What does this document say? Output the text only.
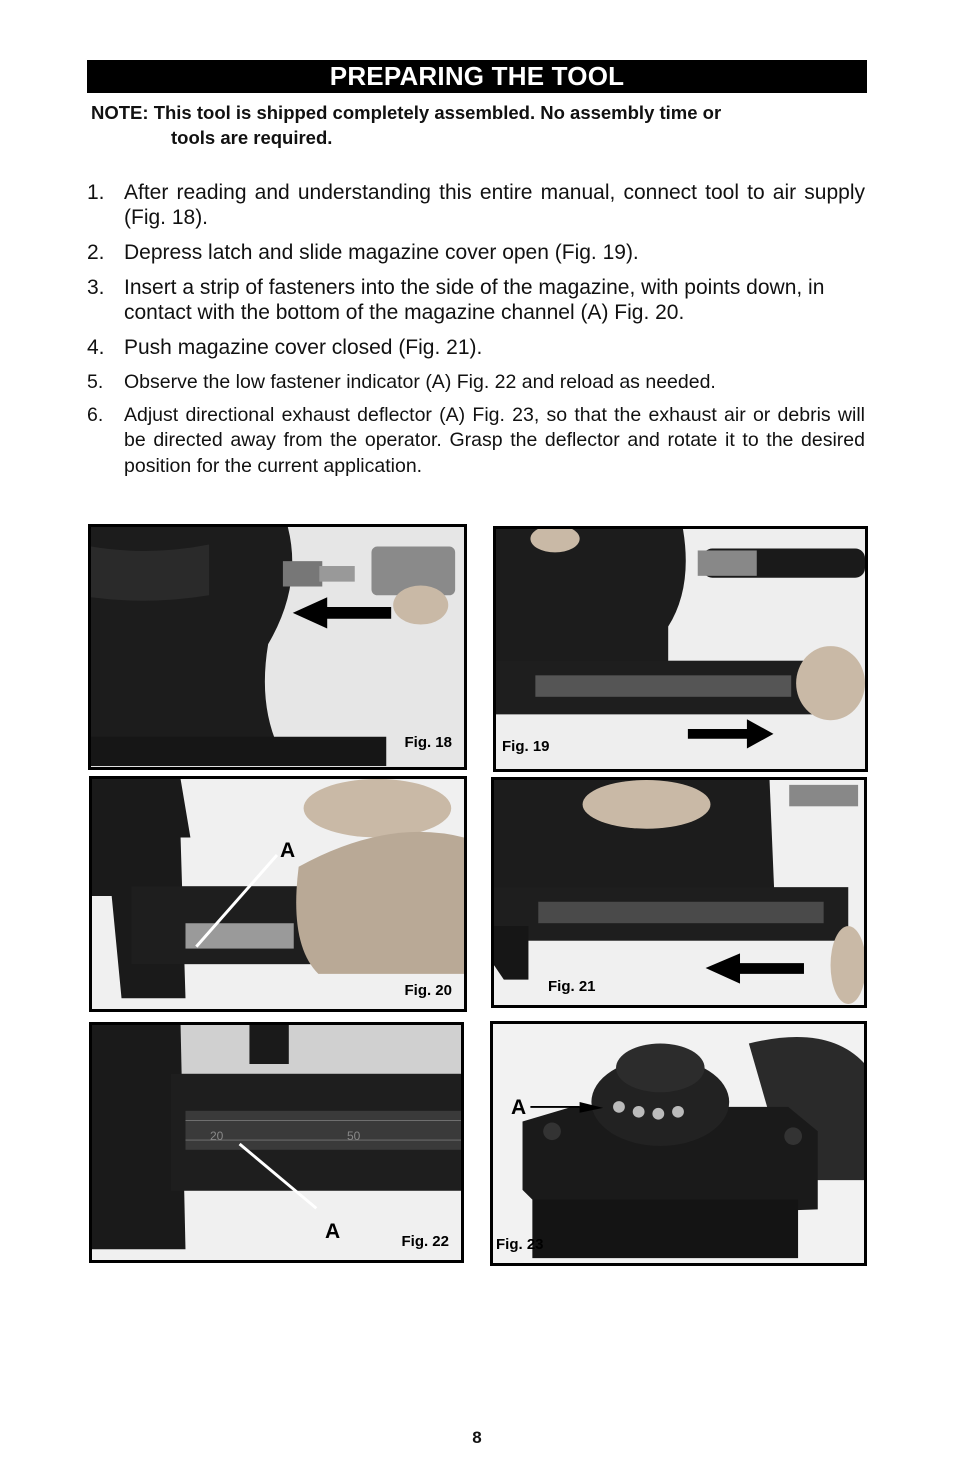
PREPARING THE TOOL
NOTE: This tool is shipped completely assembled. No assembly time or
tools are required.
1. After reading and understanding this entire manual, connect tool to air supply (Fig. 18).
2. Depress latch and slide magazine cover open (Fig. 19).
3. Insert a strip of fasteners into the side of the magazine, with points down, in contact with the bottom of the magazine channel (A) Fig. 20.
4. Push magazine cover closed (Fig. 21).
5. Observe the low fastener indicator (A) Fig. 22 and reload as needed.
6. Adjust directional exhaust deflector (A) Fig. 23, so that the exhaust air or debris will be directed away from the operator. Grasp the deflector and rotate it to the desired position for the current application.
Fig. 18	Fig. 19
A
Fig. 20	Fig. 21
20	50
A	Fig. 22
A
Fig. 23
8
